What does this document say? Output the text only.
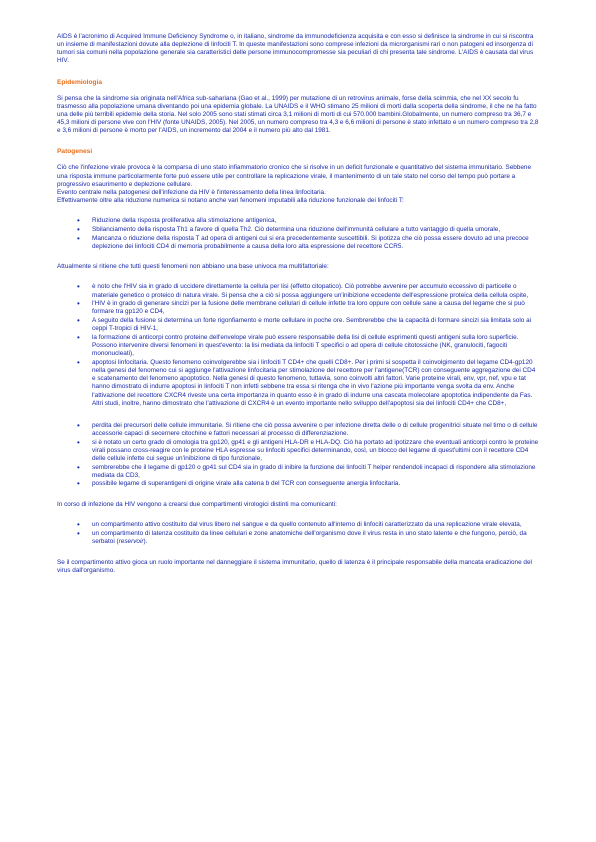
AIDS è l'acronimo di Acquired Immune Deficiency Syndrome o, in italiano, sindrome da immunodeficienza acquisita e con esso si definisce la sindrome in cui si riscontra un insieme di manifestazioni dovute alla deplezione di linfociti T. In queste manifestazioni sono comprese infezioni da microrganismi rari o non patogeni ed insorgenza di tumori sia comuni nella popolazione generale sia caratteristici delle persone immunocompromesse sia peculiari di chi presenta tale sindrome. L'AIDS è causata dal virus HIV.

Epidemiologia

Si pensa che la sindrome sia originata nell'Africa sub-sahariana (Gao et al., 1999) per mutazione di un retrovirus animale, forse della scimmia, che nel XX secolo fu trasmesso alla popolazione umana diventando poi una epidemia globale. La UNAIDS e il WHO stimano 25 milioni di morti dalla scoperta della sindrome, il che ne ha fatto una delle più terribili epidemie della storia. Nel solo 2005 sono stati stimati circa 3,1 milioni di morti di cui 570.000 bambini.Globalmente, un numero compreso tra 36,7 e 45,3 milioni di persone vive con l'HIV (fonte UNAIDS, 2005). Nel 2005, un numero compreso tra 4,3 e 6,6 milioni di persone è stato infettato e un numero compreso tra 2,8 e 3,6 milioni di persone è morto per l'AIDS, un incremento dal 2004 e il numero più alto dal 1981.

Patogenesi

Ciò che l'infezione virale provoca è la comparsa di uno stato infiammatorio cronico che si risolve in un deficit funzionale e quantitativo del sistema immunitario. Sebbene una risposta immune particolarmente forte può essere utile per controllare la replicazione virale, il mantenimento di un tale stato nel corso del tempo può portare a progressivo esaurimento e deplezione cellulare.

Evento centrale nella patogenesi dell'infezione da HIV è l'interessamento della linea linfocitaria.

Effettivamente oltre alla riduzione numerica si notano anche vari fenomeni imputabili alla riduzione funzionale dei linfociti T:

• Riduzione della risposta proliferativa alla stimolazione antigenica,
• Sbilanciamento della risposta Th1 a favore di quella Th2. Ciò determina una riduzione dell'immunità cellulare a tutto vantaggio di quella umorale,
• Mancanza o riduzione della risposta T ad opera di antigeni cui si era precedentemente suscettibili. Si ipotizza che ciò possa essere dovuto ad una precoce deplezione dei linfociti CD4 di memoria probabilmente a causa della loro alta espressione del recettore CCR5.

Attualmente si ritiene che tutti questi fenomeni non abbiano una base univoca ma multifattoriale:

• è noto che l'HIV sia in grado di uccidere direttamente la cellula per lisi (effetto citopatico). Ciò potrebbe avvenire per accumulo eccessivo di particelle o materiale genetico o proteico di natura virale. Si pensa che a ciò si possa aggiungere un'inibizione eccedente dell'espressione proteica della cellula ospite,
• l'HIV è in grado di generare sincizi per la fusione delle membrane cellulari di cellule infette tra loro oppure con cellule sane a causa del legame che si può formare tra gp120 e CD4,
• A seguito della fusione si determina un forte rigonfiamento e morte cellulare in poche ore. Sembrerebbe che la capacità di formare sincizi sia limitata solo ai ceppi T-tropici di HIV-1,
• la formazione di anticorpi contro proteine dell'envelope virale può essere responsabile della lisi di cellule esprimenti questi antigeni sulla loro superficie. Possono intervenire diversi fenomeni in quest'evento: la lisi mediata da linfociti T specifici o ad opera di cellule citotossiche (NK, granulociti, fagociti mononucleati),
• apoptosi linfocitaria. Questo fenomeno coinvolgerebbe sia i linfociti T CD4+ che quelli CD8+. Per i primi si sospetta il coinvolgimento del legame CD4-gp120 nella genesi del fenomeno cui si aggiunge l'attivazione linfocitaria per stimolazione del recettore per l'antigene(TCR) con conseguente aggregazione dei CD4 e scatenamento del fenomeno apoptotico. Nella genesi di questo fenomeno, tuttavia, sono coinvolti altri fattori. Varie proteine virali, env, vpr, nef, vpu e tat hanno dimostrato di indurre apoptosi in linfociti T non infetti sebbene tra essa si ritenga che in vivo l'azione più importante venga svolta da env. Anche l'attivazione del recettore CXCR4 riveste una certa importanza in quanto esso è in grado di indurre una cascata molecolare apoptotica indipendente da Fas. Altri studi, inoltre, hanno dimostrato che l'attivazione di CXCR4 è un evento importante nello sviluppo dell'apoptosi sia dei linfociti CD4+ che CD8+,
• perdita dei precursori delle cellule immunitarie. Si ritiene che ciò possa avvenire o per infezione diretta delle o di cellule progenitrici situate nel timo o di cellule accessorie capaci di secernere citochine e fattori necessari al processo di differenziazione.
• si è notato un certo grado di omologia tra gp120, gp41 e gli antigeni HLA-DR e HLA-DQ. Ciò ha portato ad ipotizzare che eventuali anticorpi contro le proteine virali possano cross-reagire con le proteine HLA espresse su linfociti specifici determinando, così, un blocco del legame di quest'ultimi con il recettore CD4 delle cellule infette cui segue un'inibizione di tipo funzionale,
• sembrerebbe che il legame di gp120 o gp41 sul CD4 sia in grado di inibire la funzione dei linfociti T helper rendendoli incapaci di rispondere alla stimolazione mediata da CD3,
• possibile legame di superantigeni di origine virale alla catena b del TCR con conseguente anergia linfocitaria.

In corso di infezione da HIV vengono a crearsi due compartimenti virologici distinti ma comunicanti:

• un compartimento attivo costituito dal virus libero nel sangue e da quello contenuto all'interno di linfociti caratterizzato da una replicazione virale elevata,
• un compartimento di latenza costituito da linee cellulari e zone anatomiche dell'organismo dove il virus resta in uno stato latente e che fungono, perciò, da serbatoi (reservoir).

Se il compartimento attivo gioca un ruolo importante nel danneggiare il sistema immunitario, quello di latenza è il principale responsabile della mancata eradicazione del virus dall'organismo.
